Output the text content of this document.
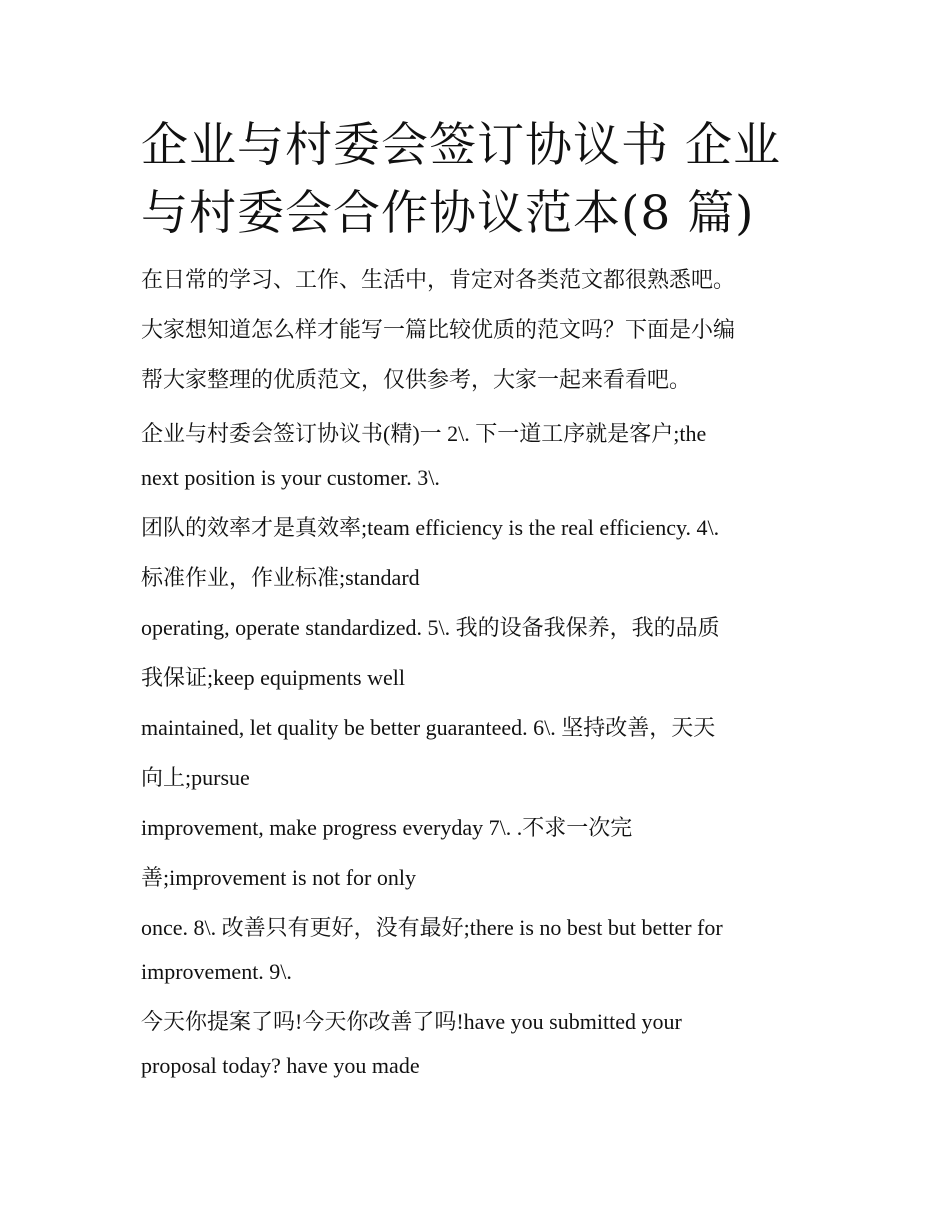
企业与村委会签订协议书 企业
与村委会合作协议范本(8 篇)
在日常的学习、工作、生活中，肯定对各类范文都很熟悉吧。
大家想知道怎么样才能写一篇比较优质的范文吗？下面是小编
帮大家整理的优质范文，仅供参考，大家一起来看看吧。
企业与村委会签订协议书(精)一 2\. 下一道工序就是客户;the
next position is your customer. 3\.
团队的效率才是真效率;team efficiency is the real efficiency. 4\.
标准作业，作业标准;standard
operating, operate standardized. 5\. 我的设备我保养，我的品质
我保证;keep equipments well
maintained, let quality be better guaranteed. 6\. 坚持改善，天天
向上;pursue
improvement, make progress everyday 7\. .不求一次完
善;improvement is not for only
once. 8\. 改善只有更好，没有最好;there is no best but better for
improvement. 9\.
今天你提案了吗!今天你改善了吗!have you submitted your
proposal today? have you made
